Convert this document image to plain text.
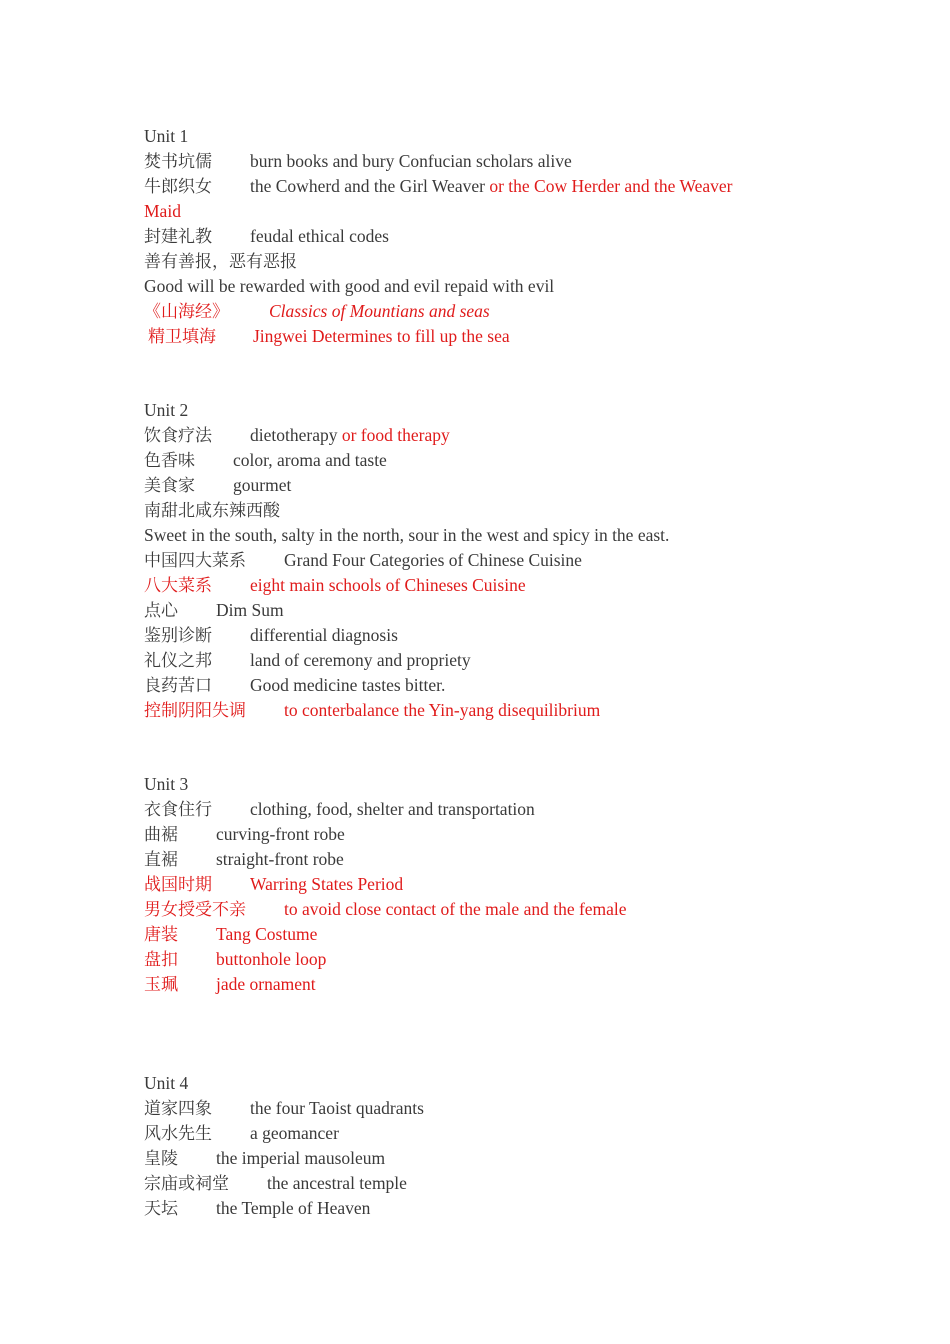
Unit 1
焚书坑儒 burn books and bury Confucian scholars alive
牛郎织女 the Cowherd and the Girl Weaver or the Cow Herder and the Weaver
Maid
封建礼教 feudal ethical codes
善有善报，恶有恶报
Good will be rewarded with good and evil repaid with evil
《山海经》 Classics of Mountians and seas
精卫填海 Jingwei Determines to fill up the sea
Unit 2
饮食疗法 dietotherapy or food therapy
色香味 color, aroma and taste
美食家 gourmet
南甜北咸东辣西酸
Sweet in the south, salty in the north, sour in the west and spicy in the east.
中国四大菜系 Grand Four Categories of Chinese Cuisine
八大菜系 eight main schools of Chineses Cuisine
点心 Dim Sum
鉴别诊断 differential diagnosis
礼仪之邦 land of ceremony and propriety
良药苦口 Good medicine tastes bitter.
控制阴阳失调 to conterbalance the Yin-yang disequilibrium
Unit 3
衣食住行 clothing, food, shelter and transportation
曲裾 curving-front robe
直裾 straight-front robe
战国时期 Warring States Period
男女授受不亲 to avoid close contact of the male and the female
唐装 Tang Costume
盘扣 buttonhole loop
玉珮 jade ornament
Unit 4
道家四象 the four Taoist quadrants
风水先生 a geomancer
皇陵 the imperial mausoleum
宗庙或祠堂 the ancestral temple
天坛 the Temple of Heaven
